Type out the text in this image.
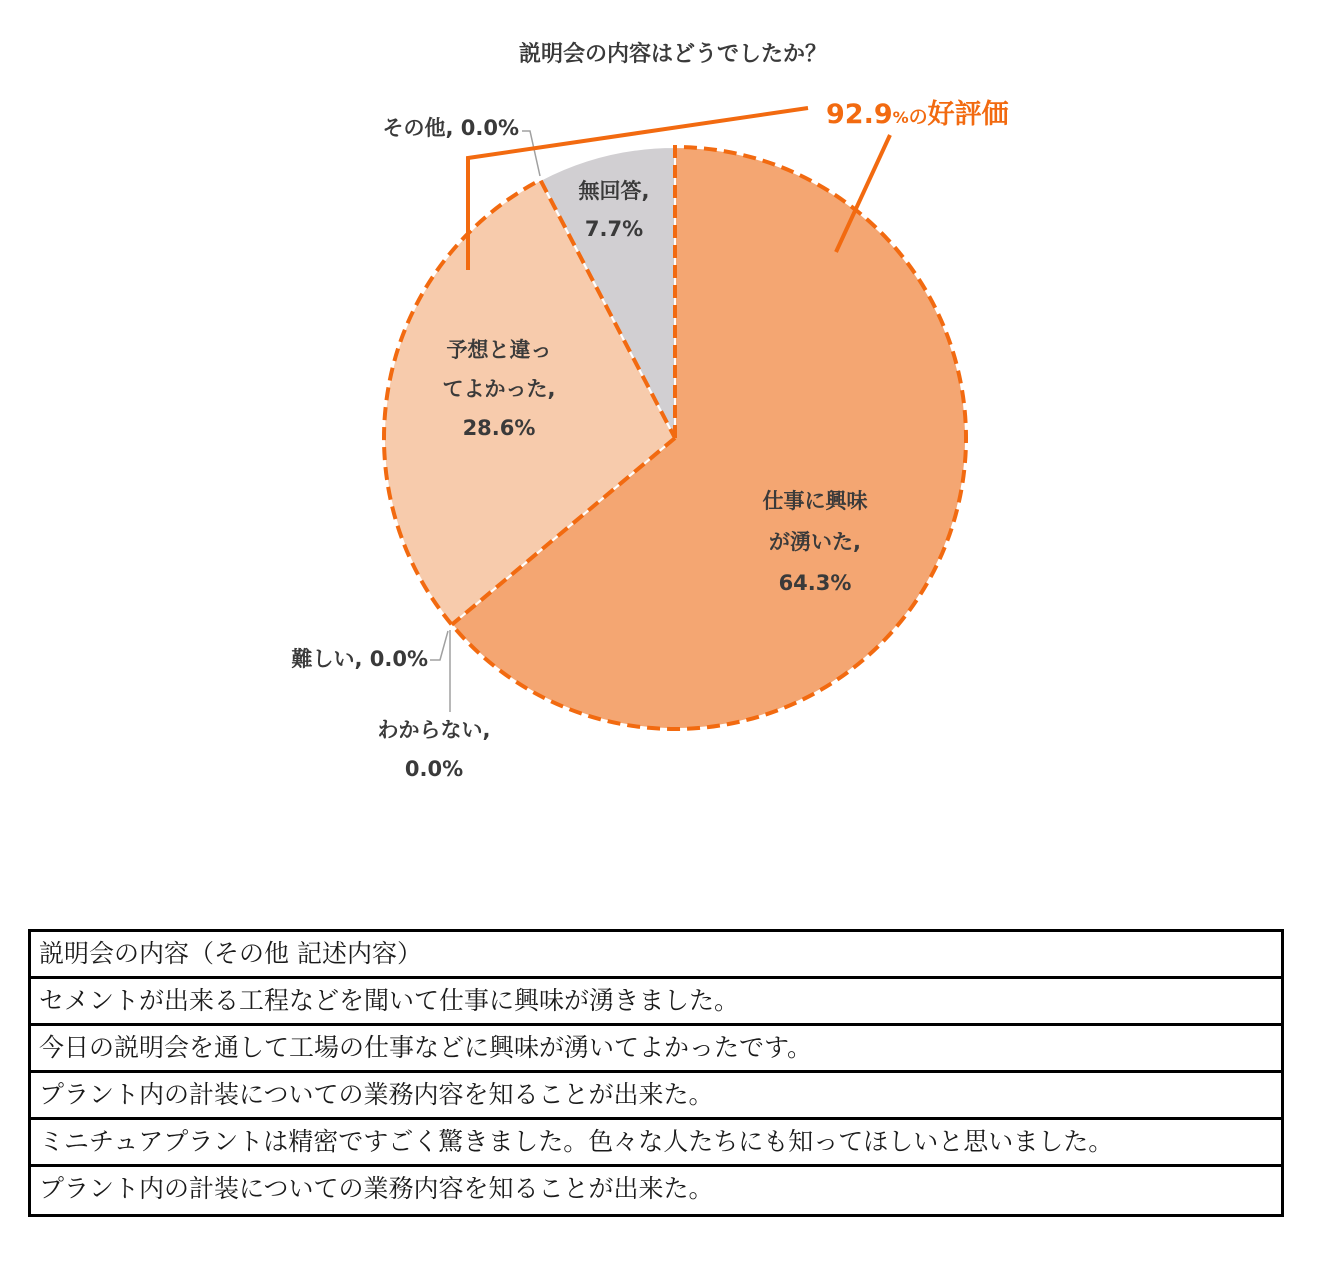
説明会の内容はどうでしたか？
仕事に興味が湧いた, 64.3%
難しい, 0.0%
わからない, 0.0%
予想と違ってよかった, 28.6%
その他, 0.0%
無回答, 7.7%
92.9%の好評価
説明会の内容（その他 記述内容）
セメントが出来る工程などを聞いて仕事に興味が湧きました。
今日の説明会を通して工場の仕事などに興味が湧いてよかったです。
プラント内の計装についての業務内容を知ることが出来た。
ミニチュアプラントは精密ですごく驚きました。色々な人たちにも知ってほしいと思いました。
プラント内の計装についての業務内容を知ることが出来た。
